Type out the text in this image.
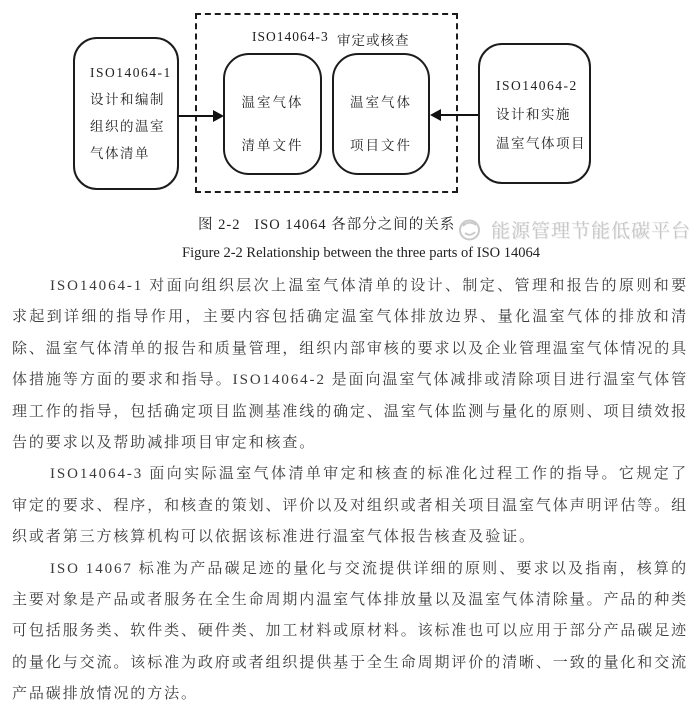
ISO14064-1
设计和编制
组织的温室
气体清单
ISO14064-3 审定或核查
温室气体
清单文件
温室气体
项目文件
ISO14064-2
设计和实施
温室气体项目
图 2-2   ISO 14064 各部分之间的关系 能源管理节能低碳平台
Figure 2-2 Relationship between the three parts of ISO 14064

ISO14064-1 对面向组织层次上温室气体清单的设计、制定、管理和报告的原则和要求起到详细的指导作用，主要内容包括确定温室气体排放边界、量化温室气体的排放和清除、温室气体清单的报告和质量管理，组织内部审核的要求以及企业管理温室气体情况的具体措施等方面的要求和指导。ISO14064-2 是面向温室气体减排或清除项目进行温室气体管理工作的指导，包括确定项目监测基准线的确定、温室气体监测与量化的原则、项目绩效报告的要求以及帮助减排项目审定和核查。

ISO14064-3 面向实际温室气体清单审定和核查的标准化过程工作的指导。它规定了审定的要求、程序，和核查的策划、评价以及对组织或者相关项目温室气体声明评估等。组织或者第三方核算机构可以依据该标准进行温室气体报告核查及验证。

ISO 14067 标准为产品碳足迹的量化与交流提供详细的原则、要求以及指南，核算的主要对象是产品或者服务在全生命周期内温室气体排放量以及温室气体清除量。产品的种类可包括服务类、软件类、硬件类、加工材料或原材料。该标准也可以应用于部分产品碳足迹的量化与交流。该标准为政府或者组织提供基于全生命周期评价的清晰、一致的量化和交流产品碳排放情况的方法。
